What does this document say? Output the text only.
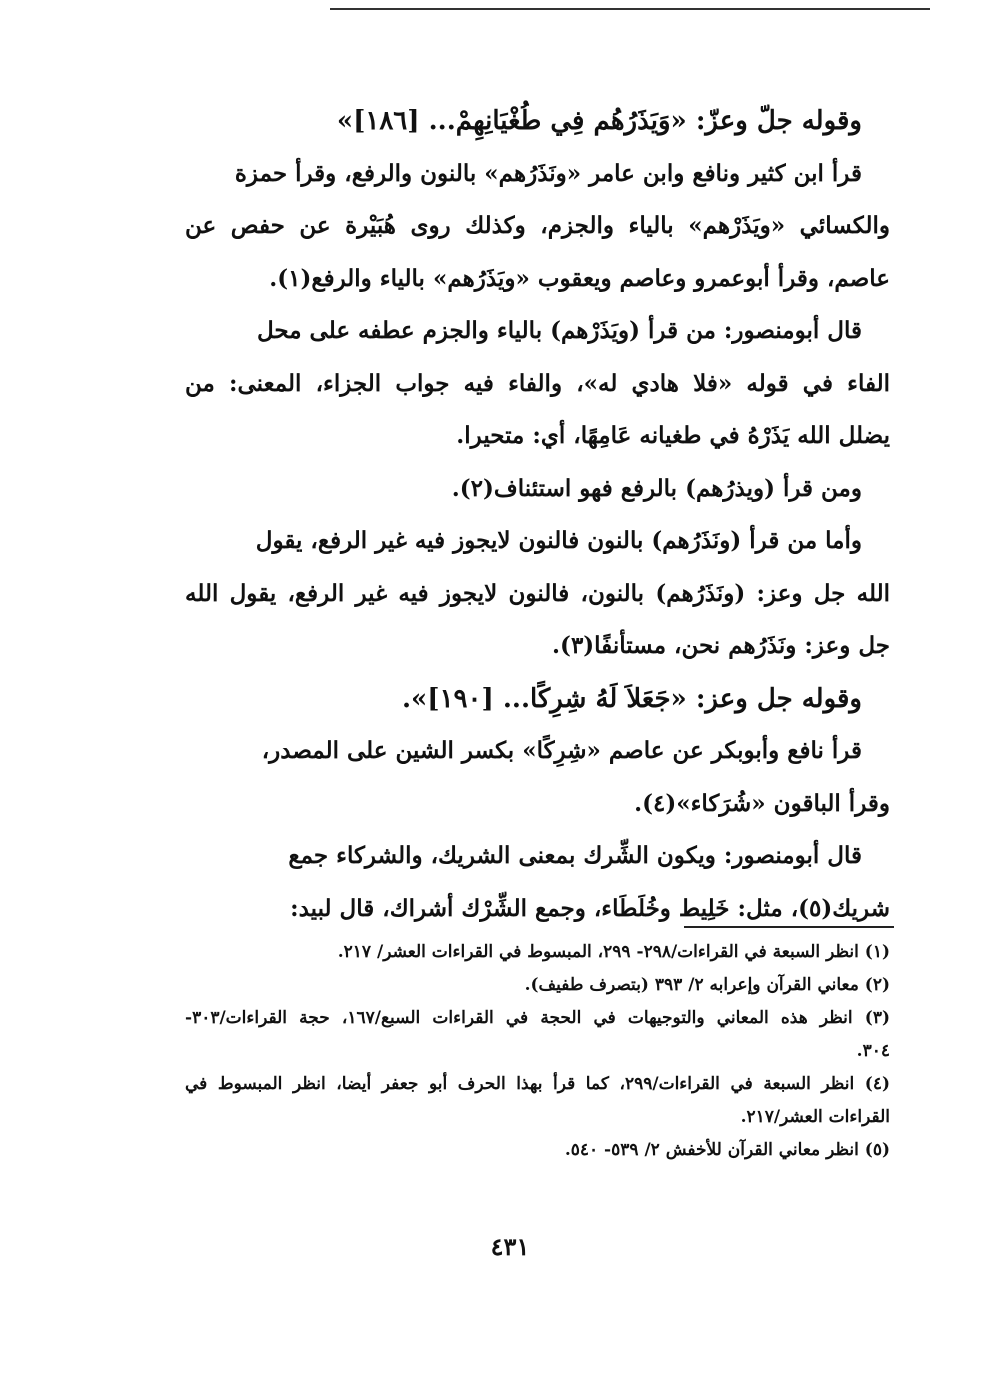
وقوله جلّ وعزّ: «وَيَذَرُهُم فِي طُغْيَانِهِمْ... [١٨٦]»
قرأ ابن كثير ونافع وابن عامر «ونَذَرُهم» بالنون والرفع، وقرأ حمزة
والكسائي «ويَذَرْهم» بالياء والجزم، وكذلك روى هُبَيْرة عن حفص عن
عاصم، وقرأ أبوعمرو وعاصم ويعقوب «ويَذَرُهم» بالياء والرفع(١).
قال أبومنصور: من قرأ (ويَذَرْهم) بالياء والجزم عطفه على محل
الفاء في قوله «فلا هادي له»، والفاء فيه جواب الجزاء، المعنى: من
يضلل الله يَذَرْهُ في طغيانه عَامِهًا، أي: متحيرا.
ومن قرأ (ويذرُهم) بالرفع فهو استئناف(٢).
وأما من قرأ (ونَذَرُهم) بالنون فالنون لايجوز فيه غير الرفع، يقول
الله جل وعز: (ونَذَرُهم) بالنون، فالنون لايجوز فيه غير الرفع، يقول الله
جل وعز: ونَذَرُهم نحن، مستأنفًا(٣).
وقوله جل وعز: «جَعَلاَ لَهُ شِرِكًا... [١٩٠]».
قرأ نافع وأبوبكر عن عاصم «شِرِكًا» بكسر الشين على المصدر،
وقرأ الباقون «شُرَكاء»(٤).
قال أبومنصور: ويكون الشِّرك بمعنى الشريك، والشركاء جمع
شريك(٥)، مثل: خَلِيط وخُلَطَاء، وجمع الشِّرْك أشراك، قال لبيد:
(١) انظر السبعة في القراءات/٢٩٨- ٢٩٩، المبسوط في القراءات العشر/ ٢١٧.
(٢) معاني القرآن وإعرابه ٢/ ٣٩٣ (بتصرف طفيف).
(٣) انظر هذه المعاني والتوجيهات في الحجة في القراءات السبع/١٦٧، حجة القراءات/٣٠٣-
٣٠٤.
(٤) انظر السبعة في القراءات/٢٩٩، كما قرأ بهذا الحرف أبو جعفر أيضا، انظر المبسوط في
القراءات العشر/٢١٧.
(٥) انظر معاني القرآن للأخفش ٢/ ٥٣٩- ٥٤٠.
٤٣١
